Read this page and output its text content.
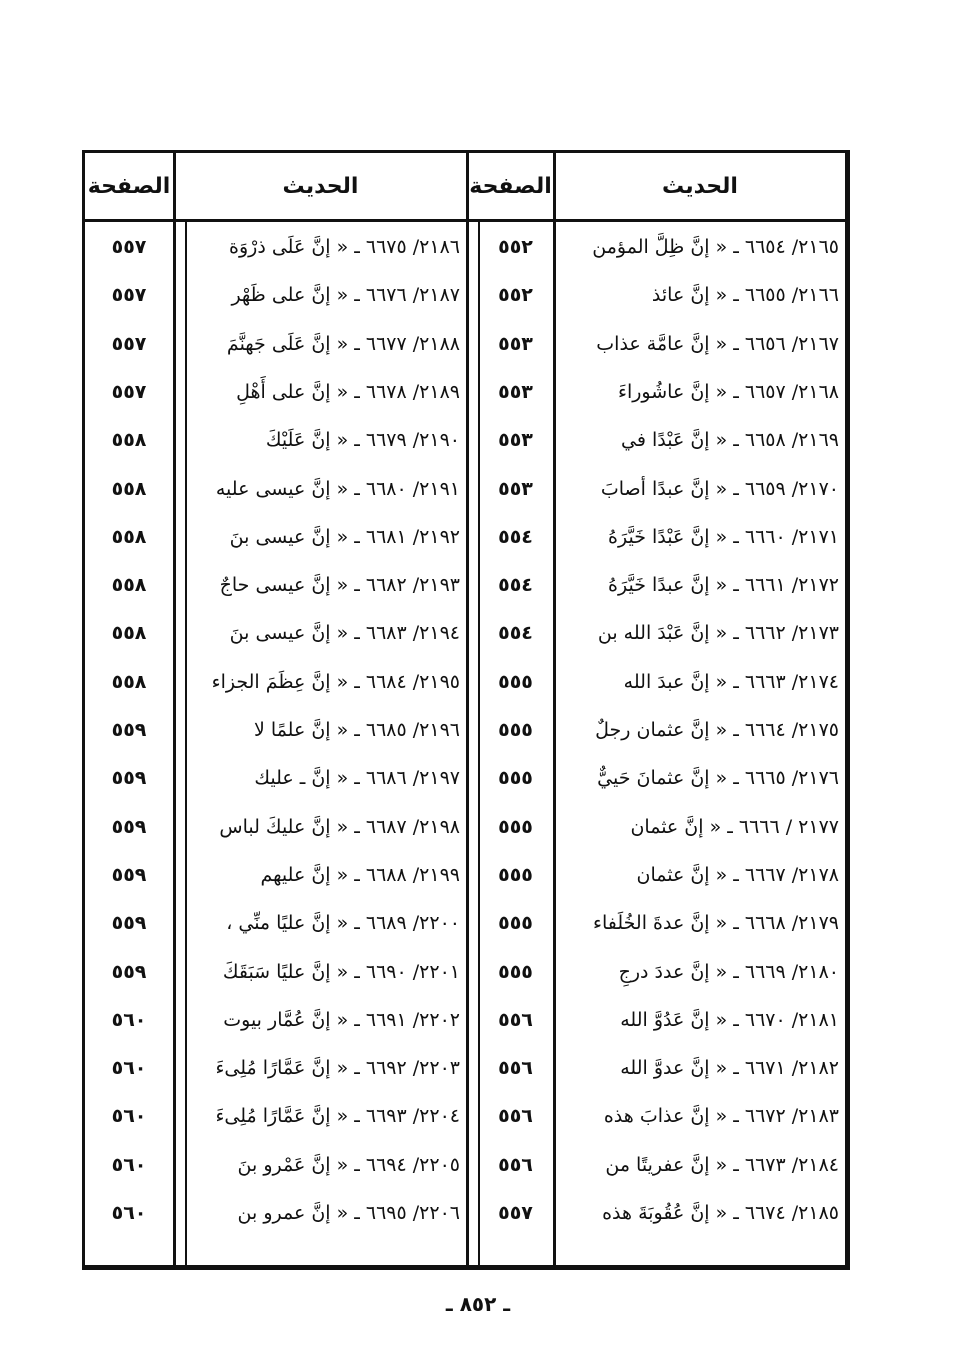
الصفحة	الحديث	الصفحة	الحديث
٥٥٧	٢١٨٦/ ٦٦٧٥ ـ « إنَّ عَلَى ذرْوَة	٥٥٢	٢١٦٥/ ٦٦٥٤ ـ « إنَّ ظِلَّ المؤمن
٥٥٧	٢١٨٧/ ٦٦٧٦ ـ « إنَّ على ظَهْر	٥٥٢	٢١٦٦/ ٦٦٥٥ ـ « إنَّ عائذ
٥٥٧	٢١٨٨/ ٦٦٧٧ ـ « إنَّ عَلَى جَهنَّمَ	٥٥٣	٢١٦٧/ ٦٦٥٦ ـ « إنَّ عامَّة عذاب
٥٥٧	٢١٨٩/ ٦٦٧٨ ـ « إنَّ على أَهْلِ	٥٥٣	٢١٦٨/ ٦٦٥٧ ـ « إنَّ عاشُوراءَ
٥٥٨	٢١٩٠/ ٦٦٧٩ ـ « إنَّ عَلَيْكَ	٥٥٣	٢١٦٩/ ٦٦٥٨ ـ « إنَّ عَبْدًا في
٥٥٨	٢١٩١/ ٦٦٨٠ ـ « إنَّ عيسى عليه	٥٥٣	٢١٧٠/ ٦٦٥٩ ـ « إنَّ عبدًا أصابَ
٥٥٨	٢١٩٢/ ٦٦٨١ ـ « إنَّ عيسى بنَ	٥٥٤	٢١٧١/ ٦٦٦٠ ـ « إنَّ عَبْدًا خَيَّرَهُ
٥٥٨	٢١٩٣/ ٦٦٨٢ ـ « إنَّ عيسى حاجٌ	٥٥٤	٢١٧٢/ ٦٦٦١ ـ « إنَّ عبدًا خَيَّرَهُ
٥٥٨	٢١٩٤/ ٦٦٨٣ ـ « إنَّ عيسى بنَ	٥٥٤	٢١٧٣/ ٦٦٦٢ ـ « إنَّ عَبْدَ الله بن
٥٥٨	٢١٩٥/ ٦٦٨٤ ـ « إنَّ عِظَمَ الجزاء	٥٥٥	٢١٧٤/ ٦٦٦٣ ـ « إنَّ عبدَ الله
٥٥٩	٢١٩٦/ ٦٦٨٥ ـ « إنَّ علمًا لا	٥٥٥	٢١٧٥/ ٦٦٦٤ ـ « إنَّ عثمان رجلٌ
٥٥٩	٢١٩٧/ ٦٦٨٦ ـ « إنَّ ـ عليك	٥٥٥	٢١٧٦/ ٦٦٦٥ ـ « إنَّ عثمانَ حَييٌّ
٥٥٩	٢١٩٨/ ٦٦٨٧ ـ « إنَّ عليكَ لباس	٥٥٥	٢١٧٧ / ٦٦٦٦ ـ « إنَّ عثمان
٥٥٩	٢١٩٩/ ٦٦٨٨ ـ « إنَّ عليهم	٥٥٥	٢١٧٨/ ٦٦٦٧ ـ « إنَّ عثمان
٥٥٩	٢٢٠٠/ ٦٦٨٩ ـ « إنَّ عليًا منِّي ،	٥٥٥	٢١٧٩/ ٦٦٦٨ ـ « إنَّ عدةَ الخُلَفاء
٥٥٩	٢٢٠١/ ٦٦٩٠ ـ « إنَّ عليًا سَبَقَكَ	٥٥٥	٢١٨٠/ ٦٦٦٩ ـ « إنَّ عددَ درجِ
٥٦٠	٢٢٠٢/ ٦٦٩١ ـ « إنَّ عُمَّار بيوت	٥٥٦	٢١٨١/ ٦٦٧٠ ـ « إنَّ عَدُوَّ الله
٥٦٠	٢٢٠٣/ ٦٦٩٢ ـ « إنَّ عَمَّارًا مُلِىءَ	٥٥٦	٢١٨٢/ ٦٦٧١ ـ « إنَّ عدوَّ الله
٥٦٠	٢٢٠٤/ ٦٦٩٣ ـ « إنَّ عَمَّارًا مُلِىءَ	٥٥٦	٢١٨٣/ ٦٦٧٢ ـ « إنَّ عذابَ هذه
٥٦٠	٢٢٠٥/ ٦٦٩٤ ـ « إنَّ عَمْرو بنَ	٥٥٦	٢١٨٤/ ٦٦٧٣ ـ « إنَّ عفريتًا من
٥٦٠	٢٢٠٦/ ٦٦٩٥ ـ « إنَّ عمرو بن	٥٥٧	٢١٨٥/ ٦٦٧٤ ـ « إنَّ عُقُوبَةَ هذه
ـ ٨٥٢ ـ
